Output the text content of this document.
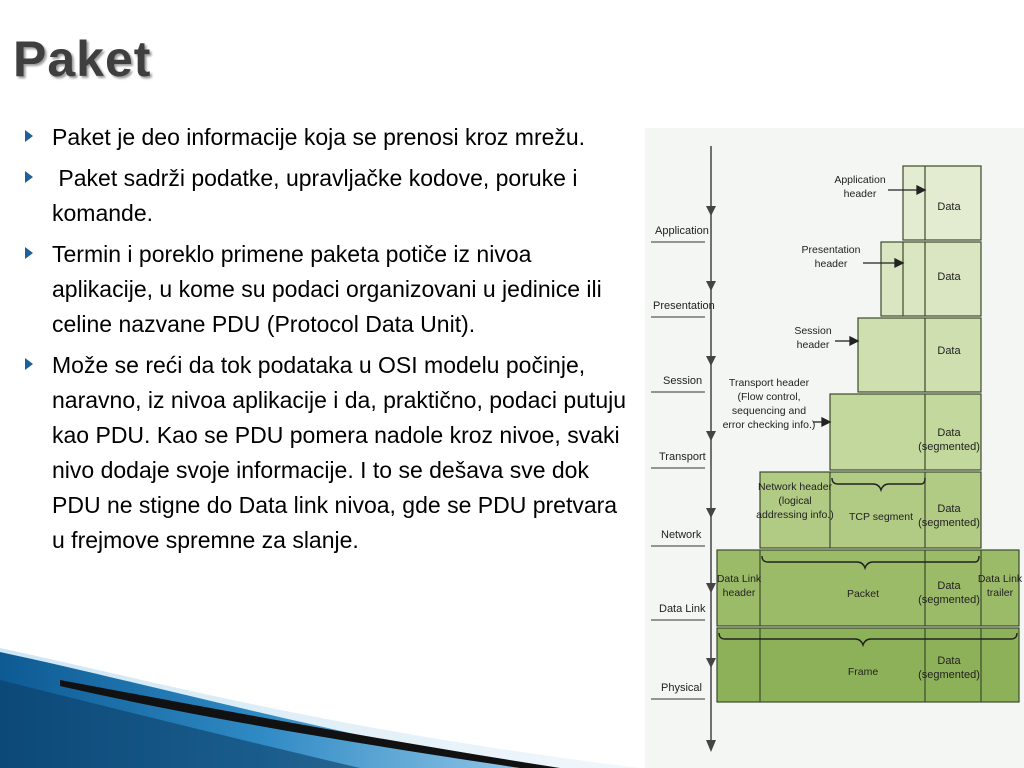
Paket
Paket je deo informacije koja se prenosi kroz mrežu.
Paket sadrži podatke, upravljačke kodove, poruke i komande.
Termin i poreklo primene paketa potiče iz nivoa aplikacije, u kome su podaci organizovani u jedinice ili celine nazvane PDU (Protocol Data Unit).
Može se reći da tok podataka u OSI modelu počinje, naravno, iz nivoa aplikacije i da, praktično, podaci putuju kao PDU. Kao se PDU pomera nadole kroz nivoe, svaki nivo dodaje svoje informacije. I to se dešava sve dok PDU ne stigne do Data link nivoa, gde se PDU pretvara u frejmove spremne za slanje.
Application
Presentation
Session
Transport
Network
Data Link
Physical
Data
Data
Data
Data
(segmented)
Data
(segmented)
Data
(segmented)
Data
(segmented)
Application
header
Presentation
header
Session
header
Transport header
(Flow control,
sequencing and
error checking info.)
Network header
(logical
addressing info.)
Data Link
header
Data Link
trailer
TCP segment
Packet
Frame
